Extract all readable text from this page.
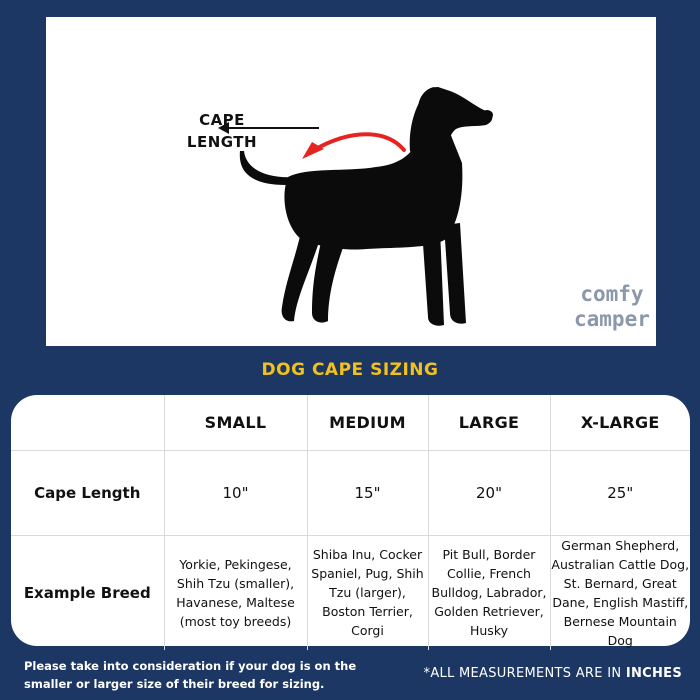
CAPE
LENGTH
comfy
camper
DOG CAPE SIZING
	SMALL	MEDIUM	LARGE	X-LARGE
Cape Length	10"	15"	20"	25"
Example Breed	Yorkie, Pekingese, Shih Tzu (smaller), Havanese, Maltese (most toy breeds)	Shiba Inu, Cocker Spaniel, Pug, Shih Tzu (larger), Boston Terrier, Corgi	Pit Bull, Border Collie, French Bulldog, Labrador, Golden Retriever, Husky	German Shepherd, Australian Cattle Dog, St. Bernard, Great Dane, English Mastiff, Bernese Mountain Dog
Please take into consideration if your dog is on the smaller or larger size of their breed for sizing.
*ALL MEASUREMENTS ARE IN INCHES
